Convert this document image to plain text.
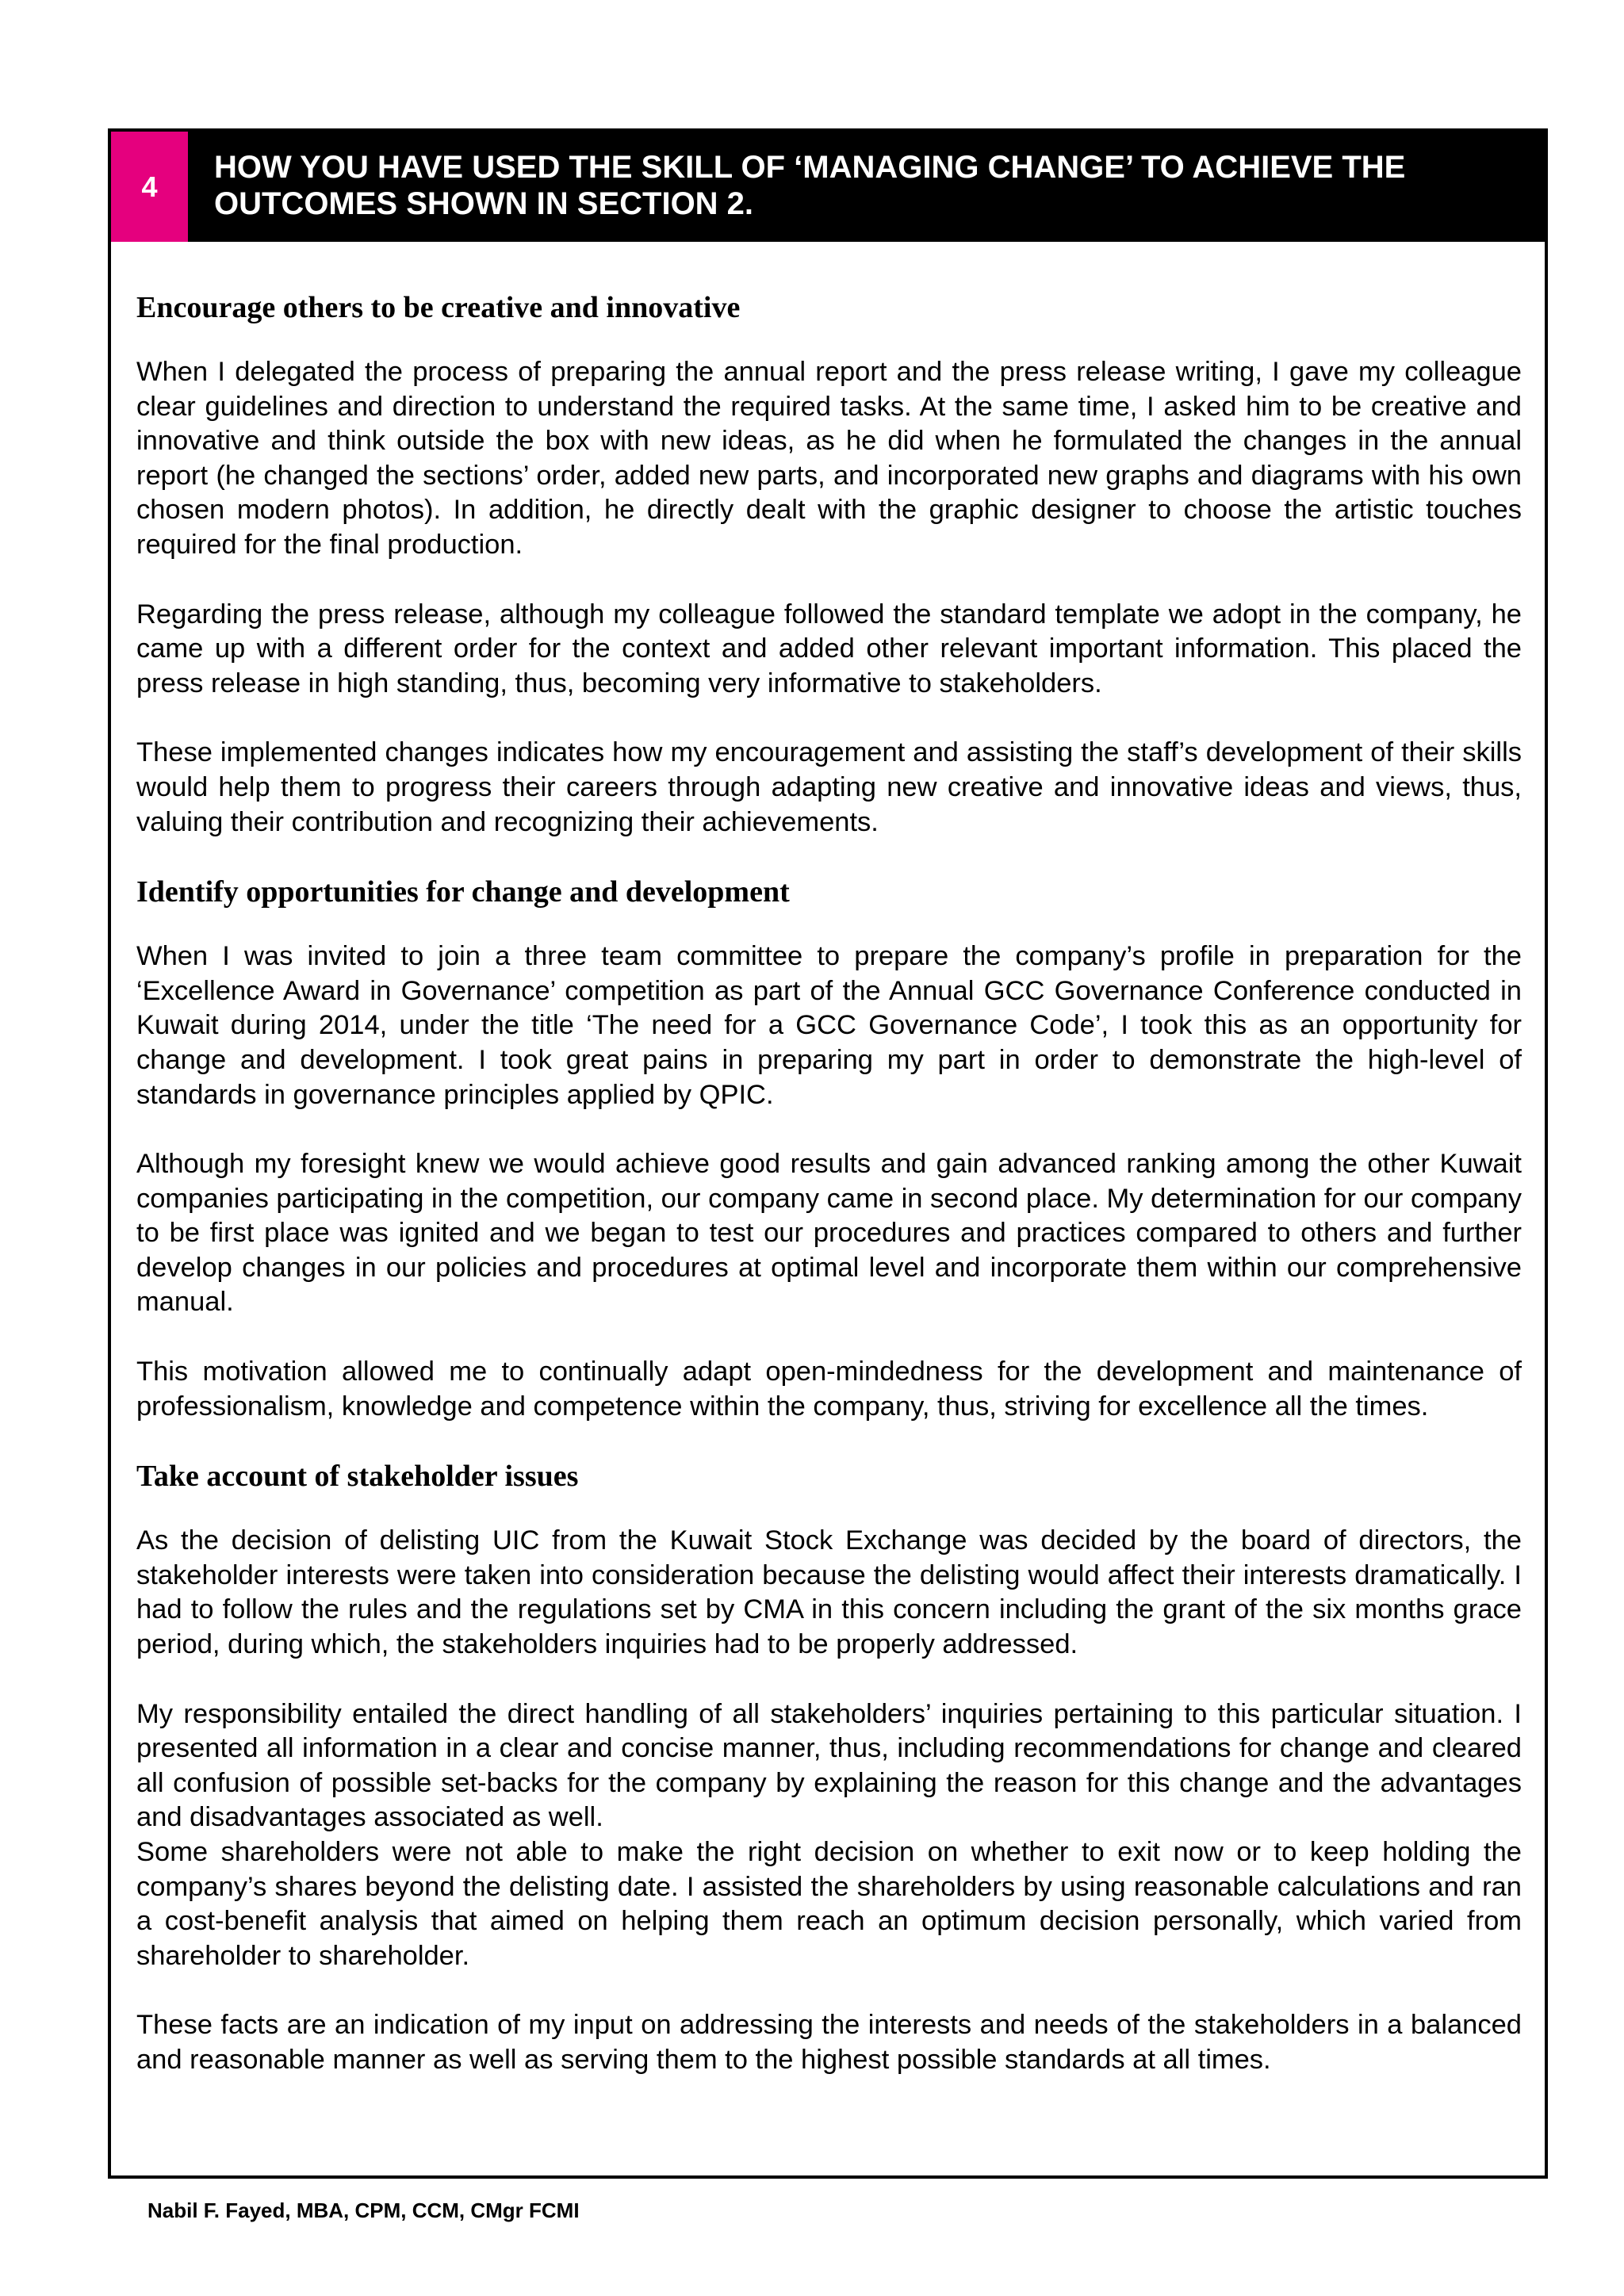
4
HOW YOU HAVE USED THE SKILL OF ‘MANAGING CHANGE’ TO ACHIEVE THE OUTCOMES SHOWN IN SECTION 2.
Encourage others to be creative and innovative

When I delegated the process of preparing the annual report and the press release writing, I gave my colleague clear guidelines and direction to understand the required tasks. At the same time, I asked him to be creative and innovative and think outside the box with new ideas, as he did when he formulated the changes in the annual report (he changed the sections’ order, added new parts, and incorporated new graphs and diagrams with his own chosen modern photos). In addition, he directly dealt with the graphic designer to choose the artistic touches required for the final production.

Regarding the press release, although my colleague followed the standard template we adopt in the company, he came up with a different order for the context and added other relevant important information. This placed the press release in high standing, thus, becoming very informative to stakeholders.

These implemented changes indicates how my encouragement and assisting the staff’s development of their skills would help them to progress their careers through adapting new creative and innovative ideas and views, thus, valuing their contribution and recognizing their achievements.

Identify opportunities for change and development

When I was invited to join a three team committee to prepare the company’s profile in preparation for the ‘Excellence Award in Governance’ competition as part of the Annual GCC Governance Conference conducted in Kuwait during 2014, under the title ‘The need for a GCC Governance Code’, I took this as an opportunity for change and development. I took great pains in preparing my part in order to demonstrate the high-level of standards in governance principles applied by QPIC.

Although my foresight knew we would achieve good results and gain advanced ranking among the other Kuwait companies participating in the competition, our company came in second place. My determination for our company to be first place was ignited and we began to test our procedures and practices compared to others and further develop changes in our policies and procedures at optimal level and incorporate them within our comprehensive manual.

This motivation allowed me to continually adapt open-mindedness for the development and maintenance of professionalism, knowledge and competence within the company, thus, striving for excellence all the times.

Take account of stakeholder issues

As the decision of delisting UIC from the Kuwait Stock Exchange was decided by the board of directors, the stakeholder interests were taken into consideration because the delisting would affect their interests dramatically. I had to follow the rules and the regulations set by CMA in this concern including the grant of the six months grace period, during which, the stakeholders inquiries had to be properly addressed.

My responsibility entailed the direct handling of all stakeholders’ inquiries pertaining to this particular situation. I presented all information in a clear and concise manner, thus, including recommendations for change and cleared all confusion of possible set-backs for the company by explaining the reason for this change and the advantages and disadvantages associated as well.

Some shareholders were not able to make the right decision on whether to exit now or to keep holding the company’s shares beyond the delisting date. I assisted the shareholders by using reasonable calculations and ran a cost-benefit analysis that aimed on helping them reach an optimum decision personally, which varied from shareholder to shareholder.

These facts are an indication of my input on addressing the interests and needs of the stakeholders in a balanced and reasonable manner as well as serving them to the highest possible standards at all times.

Nabil F. Fayed, MBA, CPM, CCM, CMgr FCMI
